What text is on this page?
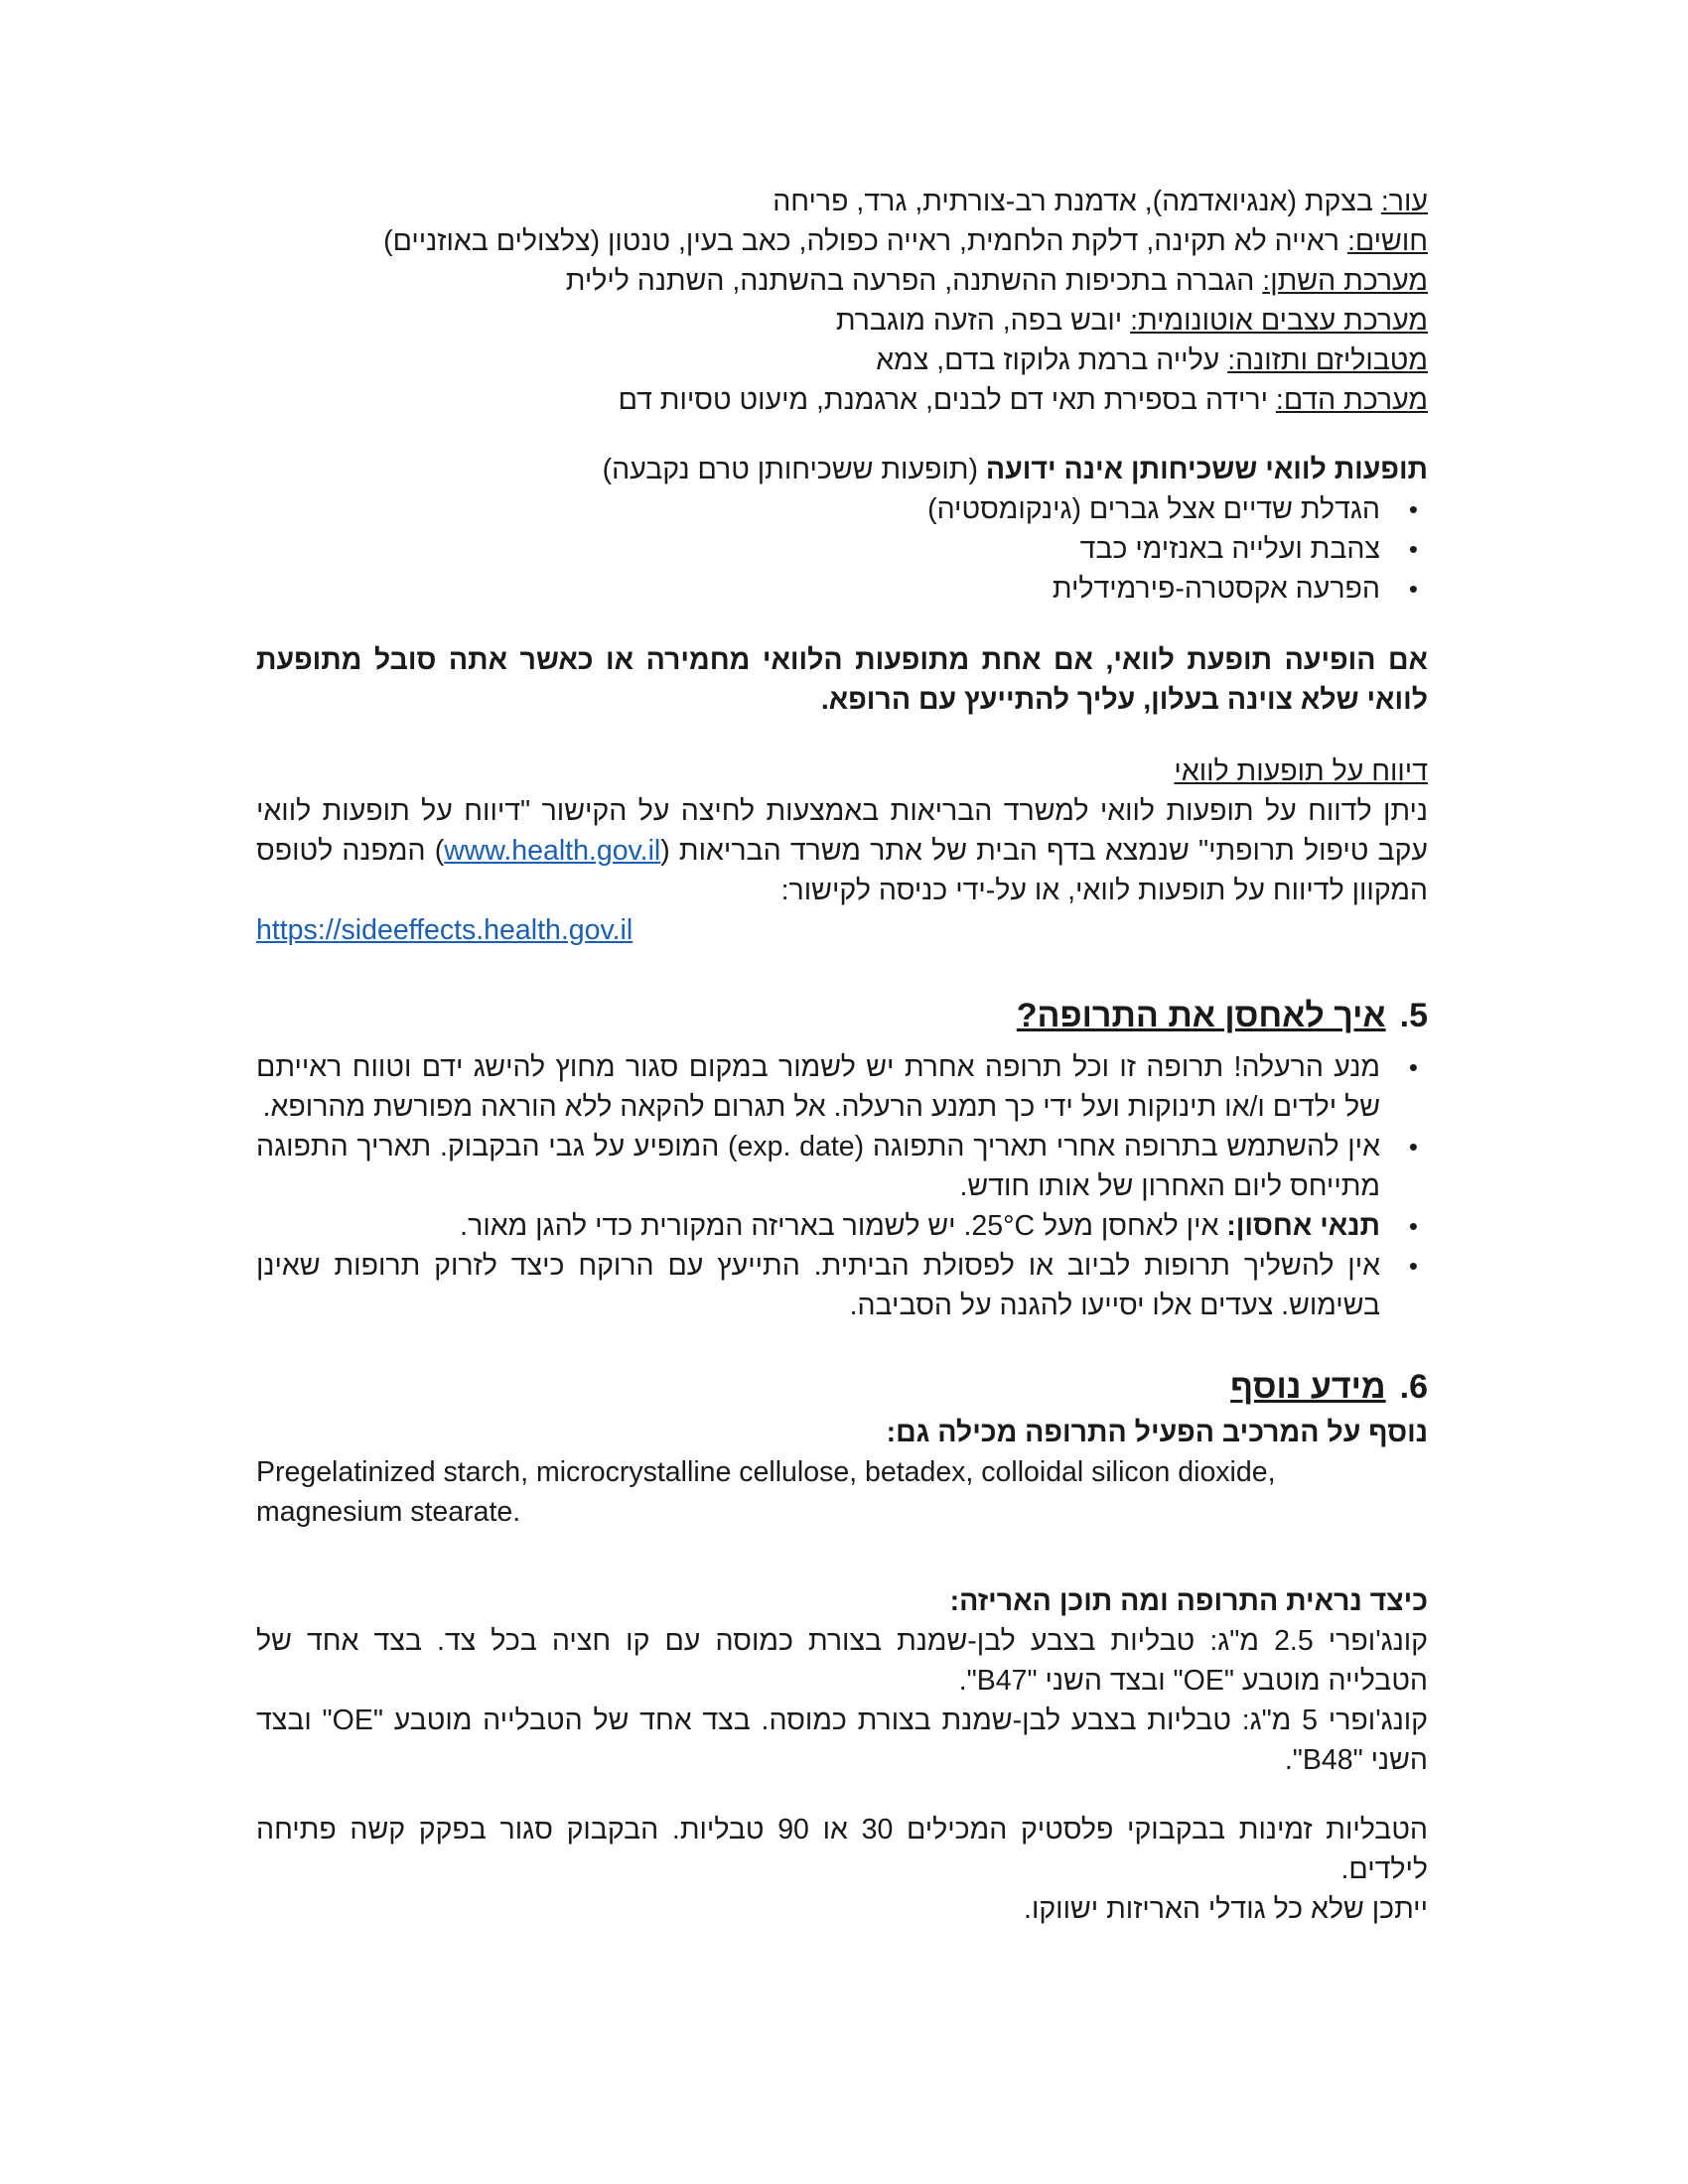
עור: בצקת (אנגיואדמה), אדמנת רב-צורתית, גרד, פריחה

חושים: ראייה לא תקינה, דלקת הלחמית, ראייה כפולה, כאב בעין, טנטון (צלצולים באוזניים)

מערכת השתן: הגברה בתכיפות ההשתנה, הפרעה בהשתנה, השתנה לילית

מערכת עצבים אוטונומית: יובש בפה, הזעה מוגברת

מטבוליזם ותזונה: עלייה ברמת גלוקוז בדם, צמא

מערכת הדם: ירידה בספירת תאי דם לבנים, ארגמנת, מיעוט טסיות דם

תופעות לוואי ששכיחותן אינה ידועה (תופעות ששכיחותן טרם נקבעה)

• הגדלת שדיים אצל גברים (גינקומסטיה)
• צהבת ועלייה באנזימי כבד
• הפרעה אקסטרה-פירמידלית

אם הופיעה תופעת לוואי, אם אחת מתופעות הלוואי מחמירה או כאשר אתה סובל מתופעת לוואי שלא צוינה בעלון, עליך להתייעץ עם הרופא.

דיווח על תופעות לוואי

ניתן לדווח על תופעות לוואי למשרד הבריאות באמצעות לחיצה על הקישור "דיווח על תופעות לוואי עקב טיפול תרופתי" שנמצא בדף הבית של אתר משרד הבריאות (www.health.gov.il) המפנה לטופס המקוון לדיווח על תופעות לוואי, או על-ידי כניסה לקישור:

https://sideeffects.health.gov.il

5.איך לאחסן את התרופה?
• מנע הרעלה! תרופה זו וכל תרופה אחרת יש לשמור במקום סגור מחוץ להישג ידם וטווח ראייתם של ילדים ו/או תינוקות ועל ידי כך תמנע הרעלה. אל תגרום להקאה ללא הוראה מפורשת מהרופא.
• אין להשתמש בתרופה אחרי תאריך התפוגה (exp. date) המופיע על גבי הבקבוק. תאריך התפוגה מתייחס ליום האחרון של אותו חודש.
• תנאי אחסון: אין לאחסן מעל 25°C. יש לשמור באריזה המקורית כדי להגן מאור.
• אין להשליך תרופות לביוב או לפסולת הביתית. התייעץ עם הרוקח כיצד לזרוק תרופות שאינן בשימוש. צעדים אלו יסייעו להגנה על הסביבה.
6.מידע נוסף

נוסף על המרכיב הפעיל התרופה מכילה גם:

Pregelatinized starch, microcrystalline cellulose, betadex, colloidal silicon dioxide, magnesium stearate.

כיצד נראית התרופה ומה תוכן האריזה:

קונג'ופרי 2.5 מ"ג: טבליות בצבע לבן-שמנת בצורת כמוסה עם קו חציה בכל צד. בצד אחד של הטבלייה מוטבע "OE" ובצד השני "B47".

קונג'ופרי 5 מ"ג: טבליות בצבע לבן-שמנת בצורת כמוסה. בצד אחד של הטבלייה מוטבע "OE" ובצד השני "B48".

הטבליות זמינות בבקבוקי פלסטיק המכילים 30 או 90 טבליות. הבקבוק סגור בפקק קשה פתיחה לילדים.

ייתכן שלא כל גודלי האריזות ישווקו.
